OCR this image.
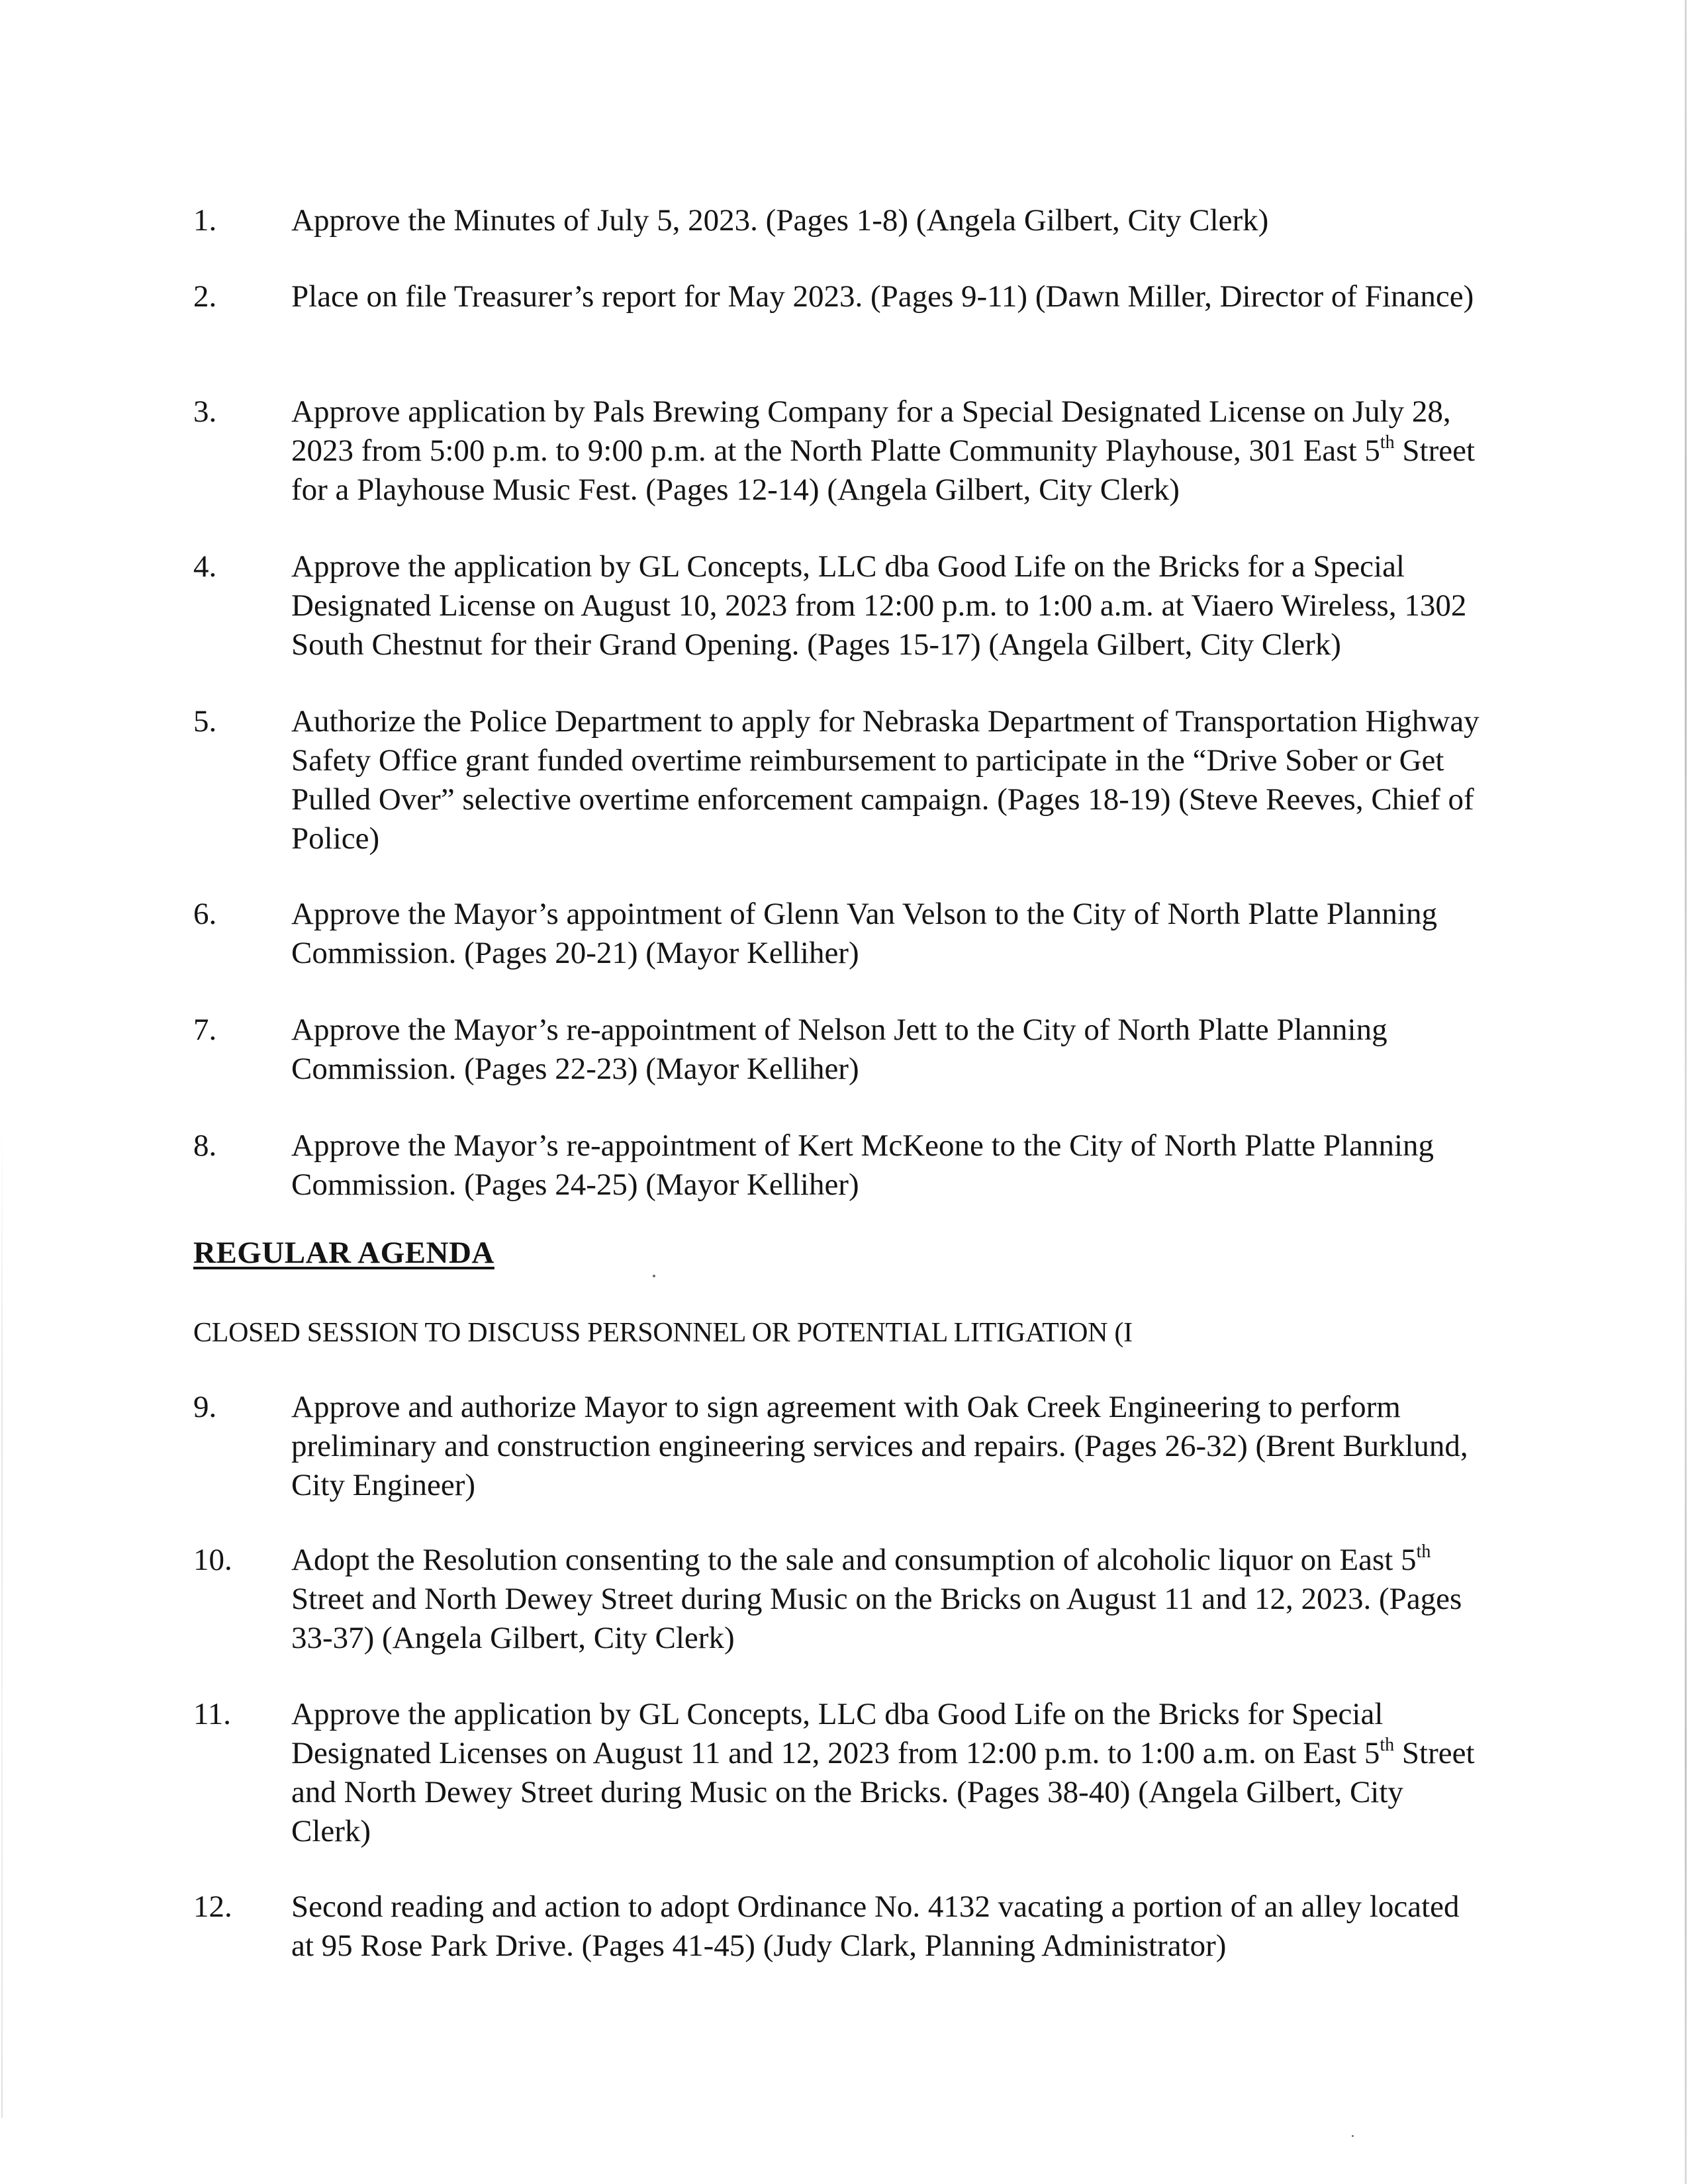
1. Approve the Minutes of July 5, 2023. (Pages 1-8) (Angela Gilbert, City Clerk)
2. Place on file Treasurer’s report for May 2023. (Pages 9-11) (Dawn Miller, Director of Finance)
3. Approve application by Pals Brewing Company for a Special Designated License on July 28, 2023 from 5:00 p.m. to 9:00 p.m. at the North Platte Community Playhouse, 301 East 5th Street for a Playhouse Music Fest. (Pages 12-14) (Angela Gilbert, City Clerk)
4. Approve the application by GL Concepts, LLC dba Good Life on the Bricks for a Special Designated License on August 10, 2023 from 12:00 p.m. to 1:00 a.m. at Viaero Wireless, 1302 South Chestnut for their Grand Opening. (Pages 15-17) (Angela Gilbert, City Clerk)
5. Authorize the Police Department to apply for Nebraska Department of Transportation Highway Safety Office grant funded overtime reimbursement to participate in the “Drive Sober or Get Pulled Over” selective overtime enforcement campaign. (Pages 18-19) (Steve Reeves, Chief of Police)
6. Approve the Mayor’s appointment of Glenn Van Velson to the City of North Platte Planning Commission. (Pages 20-21) (Mayor Kelliher)
7. Approve the Mayor’s re-appointment of Nelson Jett to the City of North Platte Planning Commission. (Pages 22-23) (Mayor Kelliher)
8. Approve the Mayor’s re-appointment of Kert McKeone to the City of North Platte Planning Commission. (Pages 24-25) (Mayor Kelliher)
REGULAR AGENDA
CLOSED SESSION TO DISCUSS PERSONNEL OR POTENTIAL LITIGATION (I
9. Approve and authorize Mayor to sign agreement with Oak Creek Engineering to perform preliminary and construction engineering services and repairs. (Pages 26-32) (Brent Burklund, City Engineer)
10. Adopt the Resolution consenting to the sale and consumption of alcoholic liquor on East 5th Street and North Dewey Street during Music on the Bricks on August 11 and 12, 2023. (Pages 33-37) (Angela Gilbert, City Clerk)
11. Approve the application by GL Concepts, LLC dba Good Life on the Bricks for Special Designated Licenses on August 11 and 12, 2023 from 12:00 p.m. to 1:00 a.m. on East 5th Street and North Dewey Street during Music on the Bricks. (Pages 38-40) (Angela Gilbert, City Clerk)
12. Second reading and action to adopt Ordinance No. 4132 vacating a portion of an alley located at 95 Rose Park Drive. (Pages 41-45) (Judy Clark, Planning Administrator)
